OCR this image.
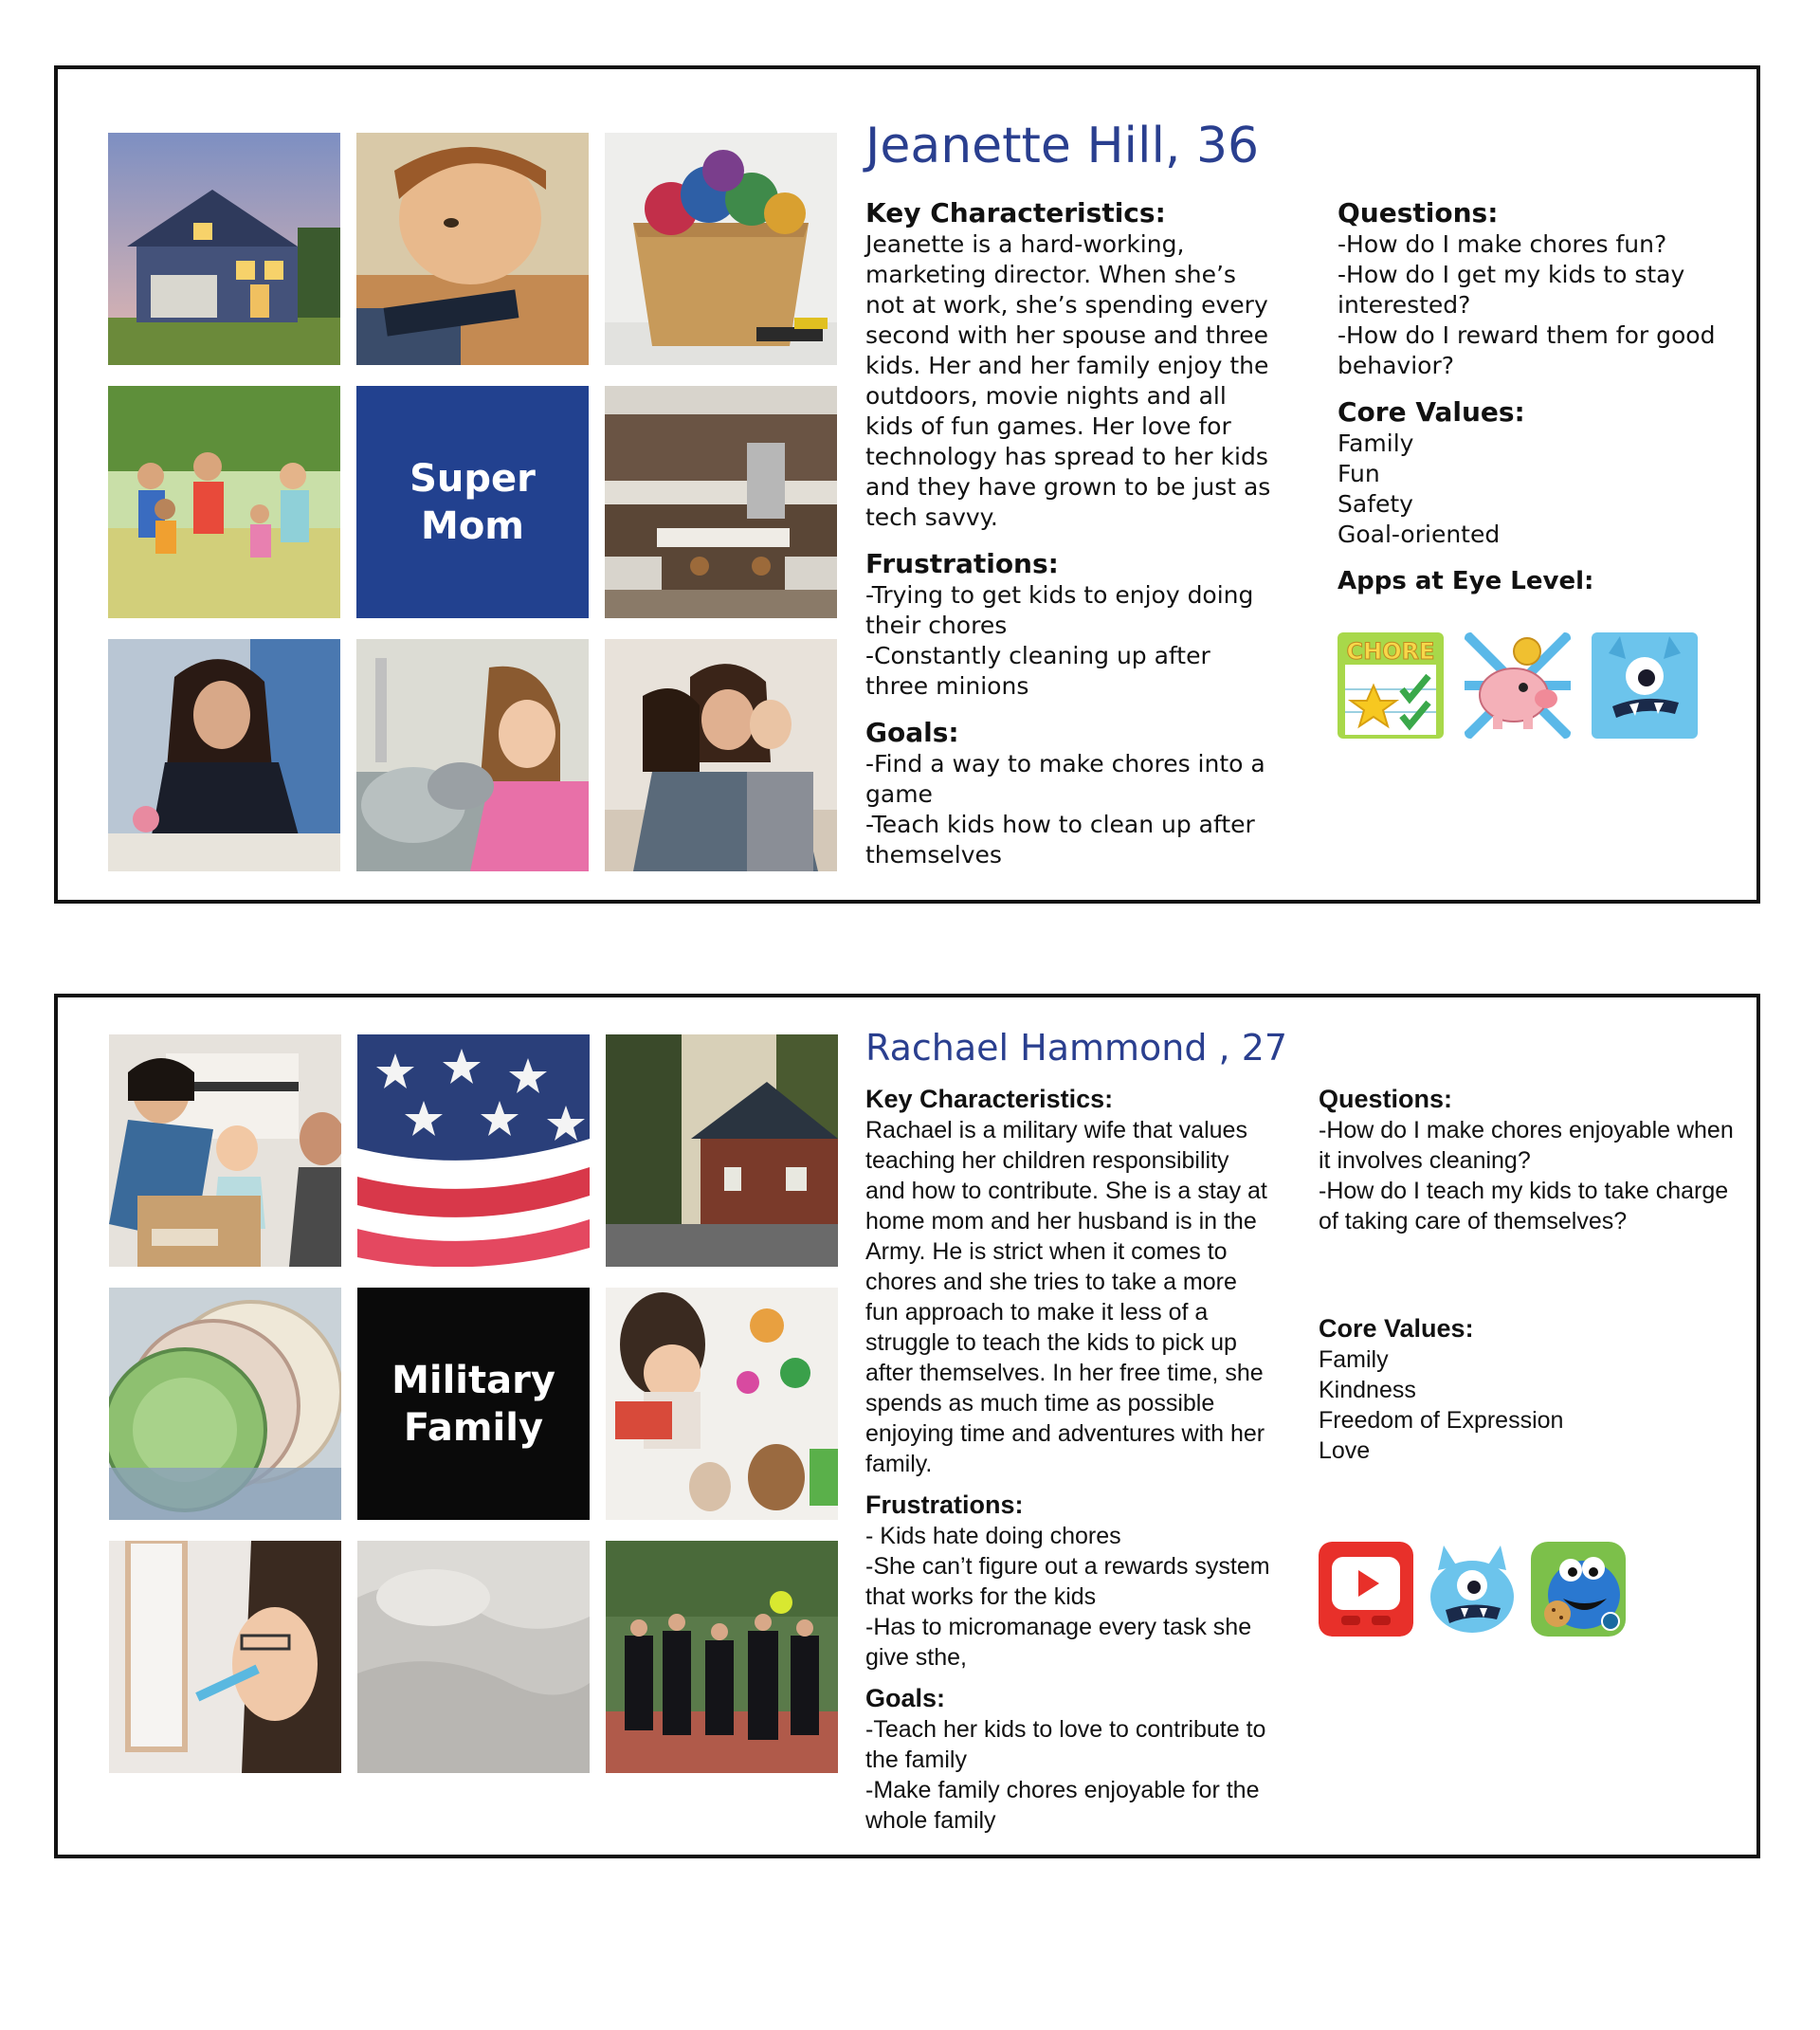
Super
Mom
Jeanette Hill, 36
Key Characteristics:

Jeanette is a hard-working, marketing director. When she’s not at work, she’s spending every second with her spouse and three kids. Her and her family enjoy the outdoors, movie nights and all kids of fun games. Her love for technology has spread to her kids and they have grown to be just as tech savvy.

Frustrations:
-Trying to get kids to enjoy doing their chores
-Constantly cleaning up after three minions
Goals:
-Find a way to make chores into a game
-Teach kids how to clean up after themselves
Questions:
-How do I make chores fun?
-How do I get my kids to stay interested?
-How do I reward them for good behavior?
Core Values:
Family
Fun
Safety
Goal-oriented
Apps at Eye Level:
CHORE
Military
Family
Rachael Hammond , 27
Key Characteristics:

Rachael is a military wife that values teaching her children responsibility and how to contribute. She is a stay at home mom and her husband is in the Army. He is strict when it comes to chores and she tries to take a more fun approach to make it less of a struggle to teach the kids to pick up after themselves. In her free time, she spends as much time as possible enjoying time and adventures with her family.

Frustrations:
- Kids hate doing chores
-She can’t figure out a rewards system that works for the kids
-Has to micromanage every task she give sthe,
Goals:
-Teach her kids to love to contribute to the family
-Make family chores enjoyable for the whole family
Questions:
-How do I make chores enjoyable when it involves cleaning?
-How do I teach my kids to take charge of taking care of themselves?
Core Values:
Family
Kindness
Freedom of Expression
Love
